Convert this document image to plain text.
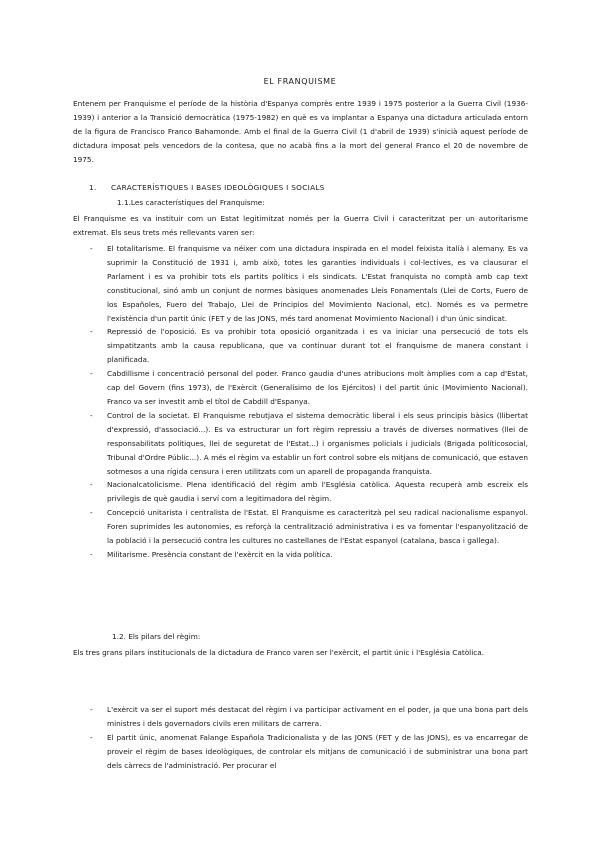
EL FRANQUISME

Entenem per Franquisme el període de la història d'Espanya comprès entre 1939 i 1975 posterior a la Guerra Civil (1936-1939) i anterior a la Transició democràtica (1975-1982) en què es va implantar a Espanya una dictadura articulada entorn de la figura de Francisco Franco Bahamonde. Amb el final de la Guerra Civil (1 d'abril de 1939) s'inicià aquest període de dictadura imposat pels vencedors de la contesa, que no acabà fins a la mort del general Franco el 20 de novembre de 1975.

1. CARACTERÍSTIQUES I BASES IDEOLÒGIQUES I SOCIALS
1.1.Les característiques del Franquisme:

El Franquisme es va instituir com un Estat legitimitzat només per la Guerra Civil i caracteritzat per un autoritarisme extremat. Els seus trets més rellevants varen ser:

- El totalitarisme. El franquisme va néixer com una dictadura inspirada en el model feixista italià i alemany. Es va suprimir la Constitució de 1931 i, amb això, totes les garanties individuals i col·lectives, es va clausurar el Parlament i es va prohibir tots els partits polítics i els sindicats. L'Estat franquista no comptà amb cap text constitucional, sinó amb un conjunt de normes bàsiques anomenades Lleis Fonamentals (Llei de Corts, Fuero de los Españoles, Fuero del Trabajo, Llei de Principios del Movimiento Nacional, etc). Només es va permetre l'existència d'un partit únic (FET y de las JONS, més tard anomenat Movimiento Nacional) i d'un únic sindicat.
- Repressió de l'oposició. Es va prohibir tota oposició organitzada i es va iniciar una persecució de tots els simpatitzants amb la causa republicana, que va continuar durant tot el franquisme de manera constant i planificada.
- Cabdillisme i concentració personal del poder. Franco gaudia d'unes atribucions molt àmplies com a cap d'Estat, cap del Govern (fins 1973), de l'Exèrcit (Generalísimo de los Ejércitos) i del partit únic (Movimiento Nacional). Franco va ser investit amb el títol de Cabdill d'Espanya.
- Control de la societat. El Franquisme rebutjava el sistema democràtic liberal i els seus principis bàsics (llibertat d'expressió, d'associació...). Es va estructurar un fort règim repressiu a través de diverses normatives (llei de responsabilitats polítiques, llei de seguretat de l'Estat...) i organismes policials i judicials (Brigada políticosocial, Tribunal d'Ordre Públic...). A més el règim va establir un fort control sobre els mitjans de comunicació, que estaven sotmesos a una rígida censura i eren utilitzats com un aparell de propaganda franquista.
- Nacionalcatolicisme. Plena identificació del règim amb l'Església catòlica. Aquesta recuperà amb escreix els privilegis de què gaudia i serví com a legitimadora del règim.
- Concepció unitarista i centralista de l'Estat. El Franquisme es caracteritzà pel seu radical nacionalisme espanyol. Foren suprimides les autonomies, es reforçà la centralització administrativa i es va fomentar l'espanyolització de la població i la persecució contra les cultures no castellanes de l'Estat espanyol (catalana, basca i gallega).
- Militarisme. Presència constant de l'exèrcit en la vida política.
1.2. Els pilars del règim:

Els tres grans pilars institucionals de la dictadura de Franco varen ser l'exèrcit, el partit únic i l'Església Catòlica.

- L'exèrcit va ser el suport més destacat del règim i va participar activament en el poder, ja que una bona part dels ministres i dels governadors civils eren militars de carrera.
- El partit únic, anomenat Falange Española Tradicionalista y de las JONS (FET y de las JONS), es va encarregar de proveir el règim de bases ideològiques, de controlar els mitjans de comunicació i de subministrar una bona part dels càrrecs de l'administració. Per procurar el
